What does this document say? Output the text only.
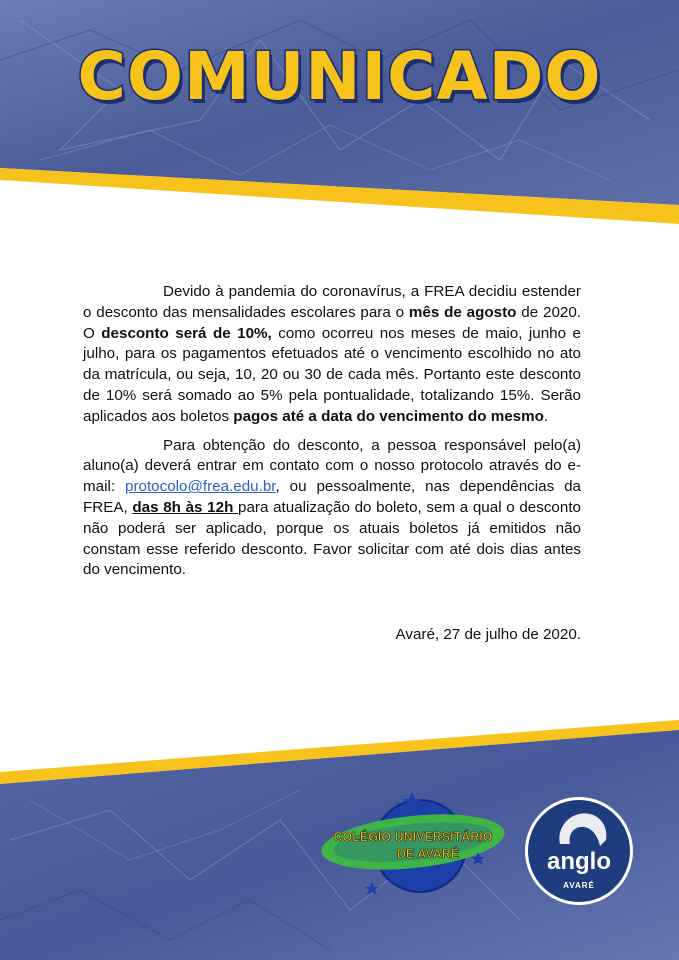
COMUNICADO

Devido à pandemia do coronavírus, a FREA decidiu estender o desconto das mensalidades escolares para o mês de agosto de 2020. O desconto será de 10%, como ocorreu nos meses de maio, junho e julho, para os pagamentos efetuados até o vencimento escolhido no ato da matrícula, ou seja, 10, 20 ou 30 de cada mês. Portanto este desconto de 10% será somado ao 5% pela pontualidade, totalizando 15%. Serão aplicados aos boletos pagos até a data do vencimento do mesmo.

Para obtenção do desconto, a pessoa responsável pelo(a) aluno(a) deverá entrar em contato com o nosso protocolo através do e-mail: protocolo@frea.edu.br, ou pessoalmente, nas dependências da FREA, das 8h às 12h para atualização do boleto, sem a qual o desconto não poderá ser aplicado, porque os atuais boletos já emitidos não constam esse referido desconto. Favor solicitar com até dois dias antes do vencimento.

Avaré, 27 de julho de 2020.
COLÉGIO UNIVERSITÁRIO
DE AVARÉ	anglo
AVARÉ
